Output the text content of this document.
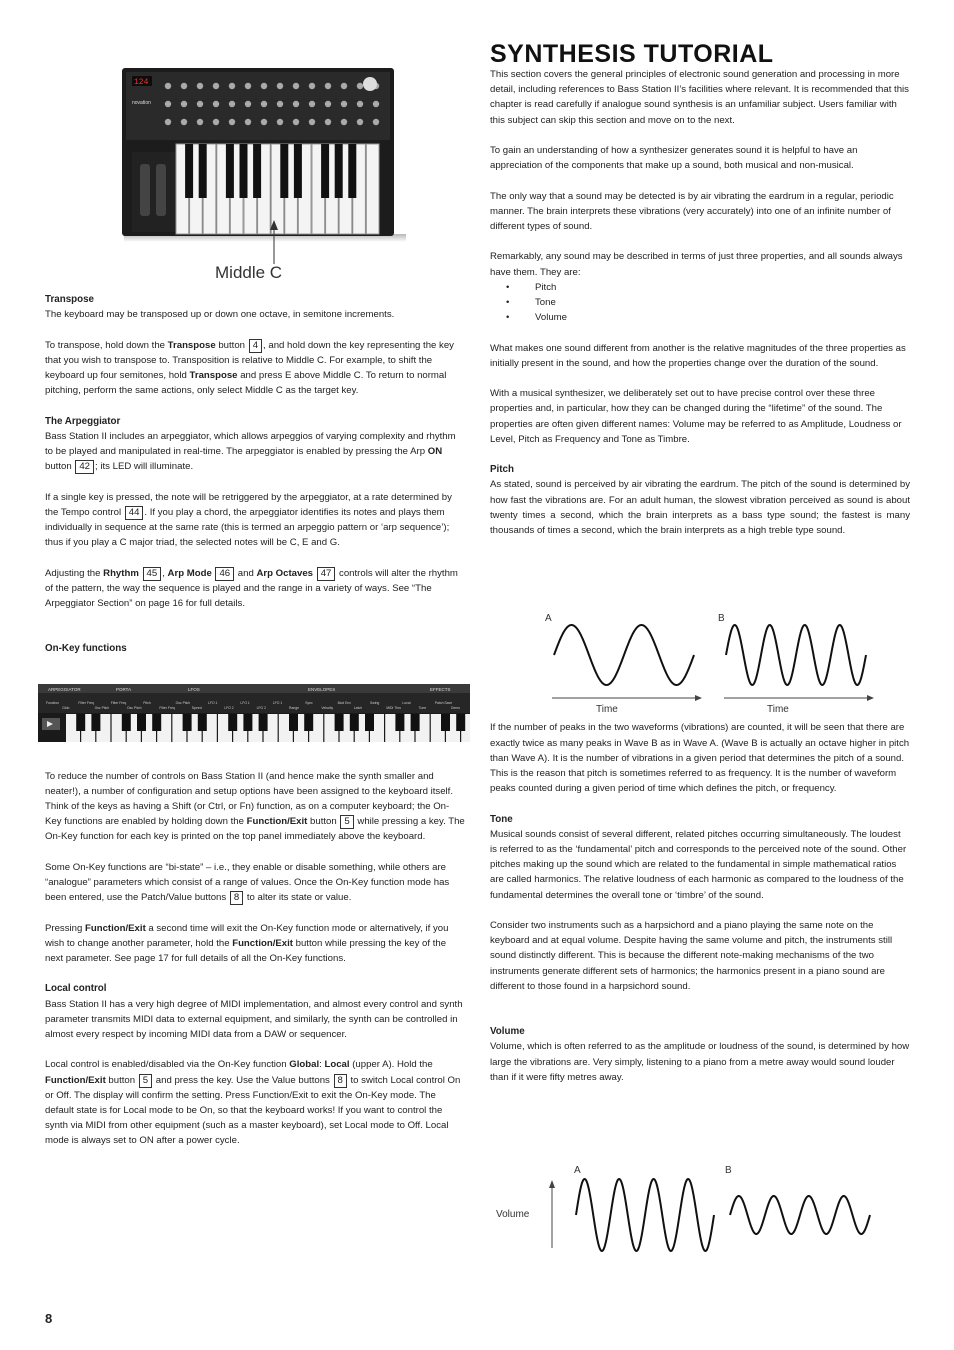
SYNTHESIS TUTORIAL
124
novation
Middle C
Transpose

The keyboard may be transposed up or down one octave, in semitone increments.

To transpose, hold down the Transpose button 4 , and hold down the key representing the key that you wish to transpose to. Transposition is relative to Middle C. For example, to shift the keyboard up four semitones, hold Transpose and press E above Middle C. To return to normal pitching, perform the same actions, only select Middle C as the target key.

The Arpeggiator

Bass Station II includes an arpeggiator, which allows arpeggios of varying complexity and rhythm to be played and manipulated in real-time. The arpeggiator is enabled by pressing the Arp ON button 42 ; its LED will illuminate.

If a single key is pressed, the note will be retriggered by the arpeggiator, at a rate determined by the Tempo control 44 . If you play a chord, the arpeggiator identifies its notes and plays them individually in sequence at the same rate (this is termed an arpeggio pattern or ‘arp sequence’); thus if you play a C major triad, the selected notes will be C, E and G.

Adjusting the Rhythm 45 , Arp Mode 46 and Arp Octaves 47 controls will alter the rhythm of the pattern, the way the sequence is played and the range in a variety of ways. See “The Arpeggiator Section” on page 16 for full details.

On-Key functions

To reduce the number of controls on Bass Station II (and hence make the synth smaller and neater!), a number of configuration and setup options have been assigned to the keyboard itself. Think of the keys as having a Shift (or Ctrl, or Fn) function, as on a computer keyboard; the On-Key functions are enabled by holding down the Function/Exit button 5 while pressing a key. The On-Key function for each key is printed on the top panel immediately above the keyboard.

Some On-Key functions are “bi-state” – i.e., they enable or disable something, while others are “analogue” parameters which consist of a range of values. Once the On-Key function mode has been entered, use the Patch/Value buttons 8 to alter its state or value.

Pressing Function/Exit a second time will exit the On-Key function mode or alternatively, if you wish to change another parameter, hold the Function/Exit button while pressing the key of the next parameter. See page 17 for full details of all the On-Key functions.

Local control

Bass Station II has a very high degree of MIDI implementation, and almost every control and synth parameter transmits MIDI data to external equipment, and similarly, the synth can be controlled in almost every respect by incoming MIDI data from a DAW or sequencer.

Local control is enabled/disabled via the On-Key function Global: Local (upper A). Hold the Function/Exit button 5 and press the key. Use the Value buttons 8 to switch Local control On or Off. The display will confirm the setting. Press Function/Exit to exit the On-Key mode. The default state is for Local mode to be On, so that the keyboard works! If you want to control the synth via MIDI from other equipment (such as a master keyboard), set Local mode to Off. Local mode is always set to ON after a power cycle.

ARPEGGIATOR	PORTA	LFOS	ENVELOPES	EFFECTS
Function
Glob
Filter Freq
Osc Pitch
Filter Freq
Osc Pitch
Pitch
Filter Freq
Osc Pitch
Speed
LFO 1
LFO 2
LFO 1
LFO 2
LFO 1
Range
Sync
Velocity
Mod Env
Latch
Swing
MIDI Thru
Local
Tune
Patch Save
Demo

This section covers the general principles of electronic sound generation and processing in more detail, including references to Bass Station II’s facilities where relevant. It is recommended that this chapter is read carefully if analogue sound synthesis is an unfamiliar subject. Users familiar with this subject can skip this section and move on to the next.

To gain an understanding of how a synthesizer generates sound it is helpful to have an appreciation of the components that make up a sound, both musical and non-musical.

The only way that a sound may be detected is by air vibrating the eardrum in a regular, periodic manner. The brain interprets these vibrations (very accurately) into one of an infinite number of different types of sound.

Remarkably, any sound may be described in terms of just three properties, and all sounds always have them. They are:

• Pitch
• Tone
• Volume

What makes one sound different from another is the relative magnitudes of the three properties as initially present in the sound, and how the properties change over the duration of the sound.

With a musical synthesizer, we deliberately set out to have precise control over these three properties and, in particular, how they can be changed during the “lifetime” of the sound. The properties are often given different names: Volume may be referred to as Amplitude, Loudness or Level, Pitch as Frequency and Tone as Timbre.

Pitch

As stated, sound is perceived by air vibrating the eardrum. The pitch of the sound is determined by how fast the vibrations are. For an adult human, the slowest vibration perceived as sound is about twenty times a second, which the brain interprets as a bass type sound; the fastest is many thousands of times a second, which the brain interprets as a high treble type sound.

If the number of peaks in the two waveforms (vibrations) are counted, it will be seen that there are exactly twice as many peaks in Wave B as in Wave A. (Wave B is actually an octave higher in pitch than Wave A). It is the number of vibrations in a given period that determines the pitch of a sound. This is the reason that pitch is sometimes referred to as frequency. It is the number of waveform peaks counted during a given period of time which defines the pitch, or frequency.

Tone

Musical sounds consist of several different, related pitches occurring simultaneously. The loudest is referred to as the ‘fundamental’ pitch and corresponds to the perceived note of the sound. Other pitches making up the sound which are related to the fundamental in simple mathematical ratios are called harmonics. The relative loudness of each harmonic as compared to the loudness of the fundamental determines the overall tone or ‘timbre’ of the sound.

Consider two instruments such as a harpsichord and a piano playing the same note on the keyboard and at equal volume. Despite having the same volume and pitch, the instruments still sound distinctly different. This is because the different note-making mechanisms of the two instruments generate different sets of harmonics; the harmonics present in a piano sound are different to those found in a harpsichord sound.

Volume

Volume, which is often referred to as the amplitude or loudness of the sound, is determined by how large the vibrations are. Very simply, listening to a piano from a metre away would sound louder than if it were fifty metres away.

A	B
Time	Time
A	B
Volume
8
